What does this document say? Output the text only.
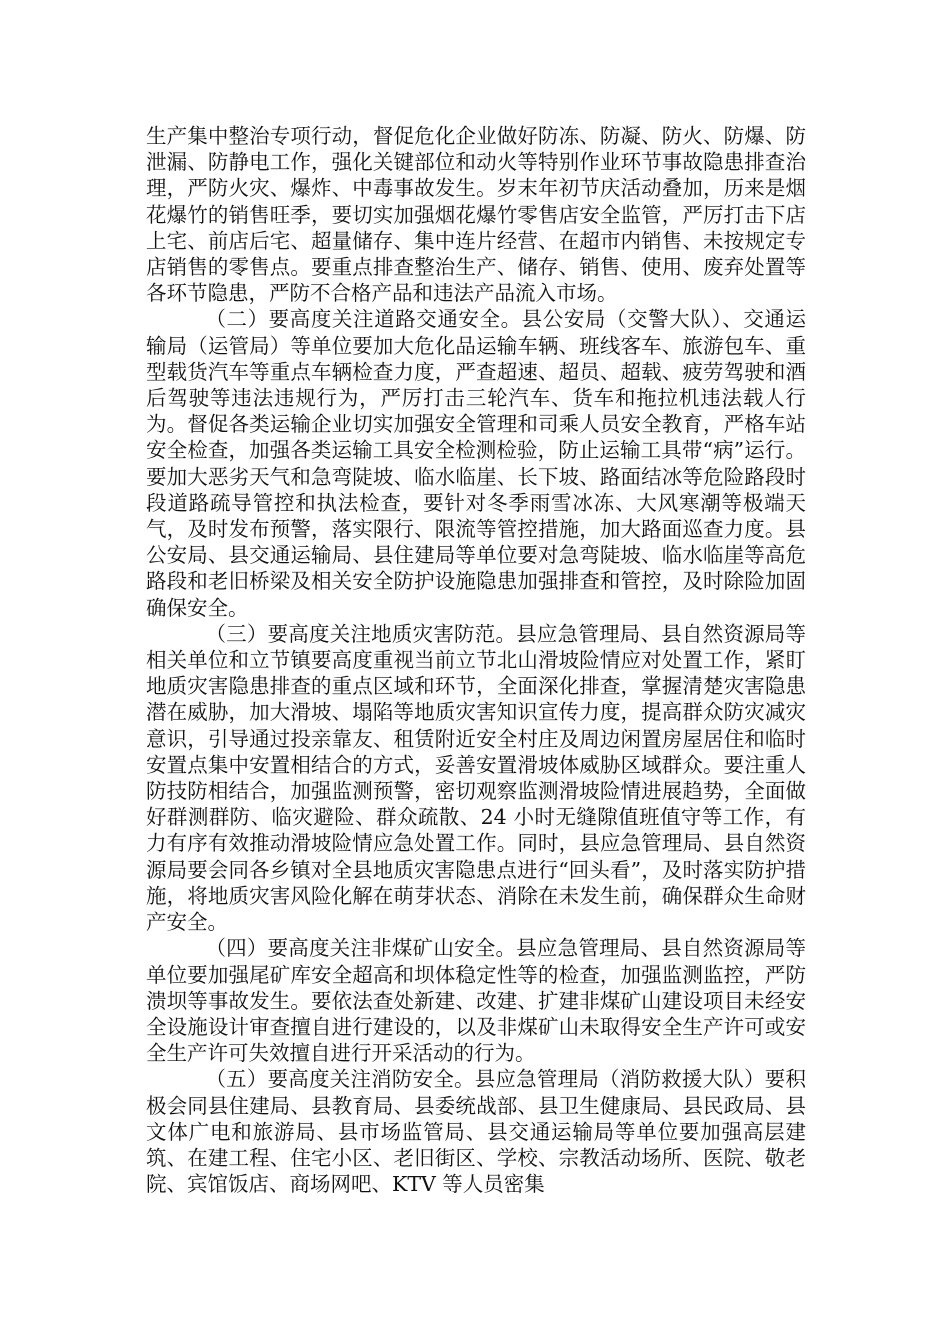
生产集中整治专项行动，督促危化企业做好防冻、防凝、防火、防爆、防泄漏、防静电工作，强化关键部位和动火等特别作业环节事故隐患排查治理，严防火灾、爆炸、中毒事故发生。岁末年初节庆活动叠加，历来是烟花爆竹的销售旺季，要切实加强烟花爆竹零售店安全监管，严厉打击下店上宅、前店后宅、超量储存、集中连片经营、在超市内销售、未按规定专店销售的零售点。要重点排查整治生产、储存、销售、使用、废弃处置等各环节隐患，严防不合格产品和违法产品流入市场。

（二）要高度关注道路交通安全。县公安局（交警大队）、交通运输局（运管局）等单位要加大危化品运输车辆、班线客车、旅游包车、重型载货汽车等重点车辆检查力度，严查超速、超员、超载、疲劳驾驶和酒后驾驶等违法违规行为，严厉打击三轮汽车、货车和拖拉机违法载人行为。督促各类运输企业切实加强安全管理和司乘人员安全教育，严格车站安全检查，加强各类运输工具安全检测检验，防止运输工具带“病”运行。要加大恶劣天气和急弯陡坡、临水临崖、长下坡、路面结冰等危险路段时段道路疏导管控和执法检查，要针对冬季雨雪冰冻、大风寒潮等极端天气，及时发布预警，落实限行、限流等管控措施，加大路面巡查力度。县公安局、县交通运输局、县住建局等单位要对急弯陡坡、临水临崖等高危路段和老旧桥梁及相关安全防护设施隐患加强排查和管控，及时除险加固确保安全。

（三）要高度关注地质灾害防范。县应急管理局、县自然资源局等相关单位和立节镇要高度重视当前立节北山滑坡险情应对处置工作，紧盯地质灾害隐患排查的重点区域和环节，全面深化排查，掌握清楚灾害隐患潜在威胁，加大滑坡、塌陷等地质灾害知识宣传力度，提高群众防灾减灾意识，引导通过投亲靠友、租赁附近安全村庄及周边闲置房屋居住和临时安置点集中安置相结合的方式，妥善安置滑坡体威胁区域群众。要注重人防技防相结合，加强监测预警，密切观察监测滑坡险情进展趋势，全面做好群测群防、临灾避险、群众疏散、24 小时无缝隙值班值守等工作，有力有序有效推动滑坡险情应急处置工作。同时，县应急管理局、县自然资源局要会同各乡镇对全县地质灾害隐患点进行“回头看”，及时落实防护措施，将地质灾害风险化解在萌芽状态、消除在未发生前，确保群众生命财产安全。

（四）要高度关注非煤矿山安全。县应急管理局、县自然资源局等单位要加强尾矿库安全超高和坝体稳定性等的检查，加强监测监控，严防溃坝等事故发生。要依法查处新建、改建、扩建非煤矿山建设项目未经安全设施设计审查擅自进行建设的，以及非煤矿山未取得安全生产许可或安全生产许可失效擅自进行开采活动的行为。

（五）要高度关注消防安全。县应急管理局（消防救援大队）要积极会同县住建局、县教育局、县委统战部、县卫生健康局、县民政局、县文体广电和旅游局、县市场监管局、县交通运输局等单位要加强高层建筑、在建工程、住宅小区、老旧街区、学校、宗教活动场所、医院、敬老院、宾馆饭店、商场网吧、KTV 等人员密集
